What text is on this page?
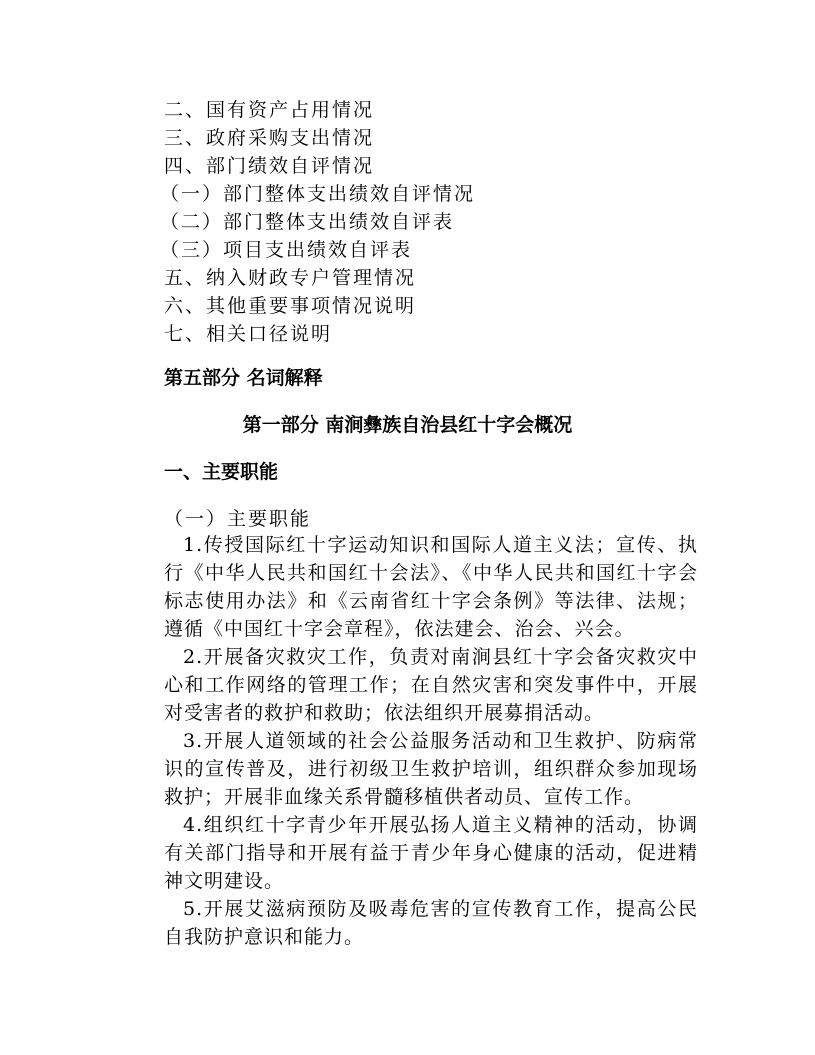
二、国有资产占用情况
三、政府采购支出情况
四、部门绩效自评情况
（一）部门整体支出绩效自评情况
（二）部门整体支出绩效自评表
（三）项目支出绩效自评表
五、纳入财政专户管理情况
六、其他重要事项情况说明
七、相关口径说明
第五部分 名词解释
第一部分 南涧彝族自治县红十字会概况
一、主要职能
（一）主要职能

1.传授国际红十字运动知识和国际人道主义法；宣传、执行《中华人民共和国红十会法》、《中华人民共和国红十字会标志使用办法》和《云南省红十字会条例》等法律、法规；遵循《中国红十字会章程》，依法建会、治会、兴会。

2.开展备灾救灾工作，负责对南涧县红十字会备灾救灾中心和工作网络的管理工作；在自然灾害和突发事件中，开展对受害者的救护和救助；依法组织开展募捐活动。

3.开展人道领域的社会公益服务活动和卫生救护、防病常识的宣传普及，进行初级卫生救护培训，组织群众参加现场救护；开展非血缘关系骨髓移植供者动员、宣传工作。

4.组织红十字青少年开展弘扬人道主义精神的活动，协调有关部门指导和开展有益于青少年身心健康的活动，促进精神文明建设。

5.开展艾滋病预防及吸毒危害的宣传教育工作，提高公民自我防护意识和能力。
